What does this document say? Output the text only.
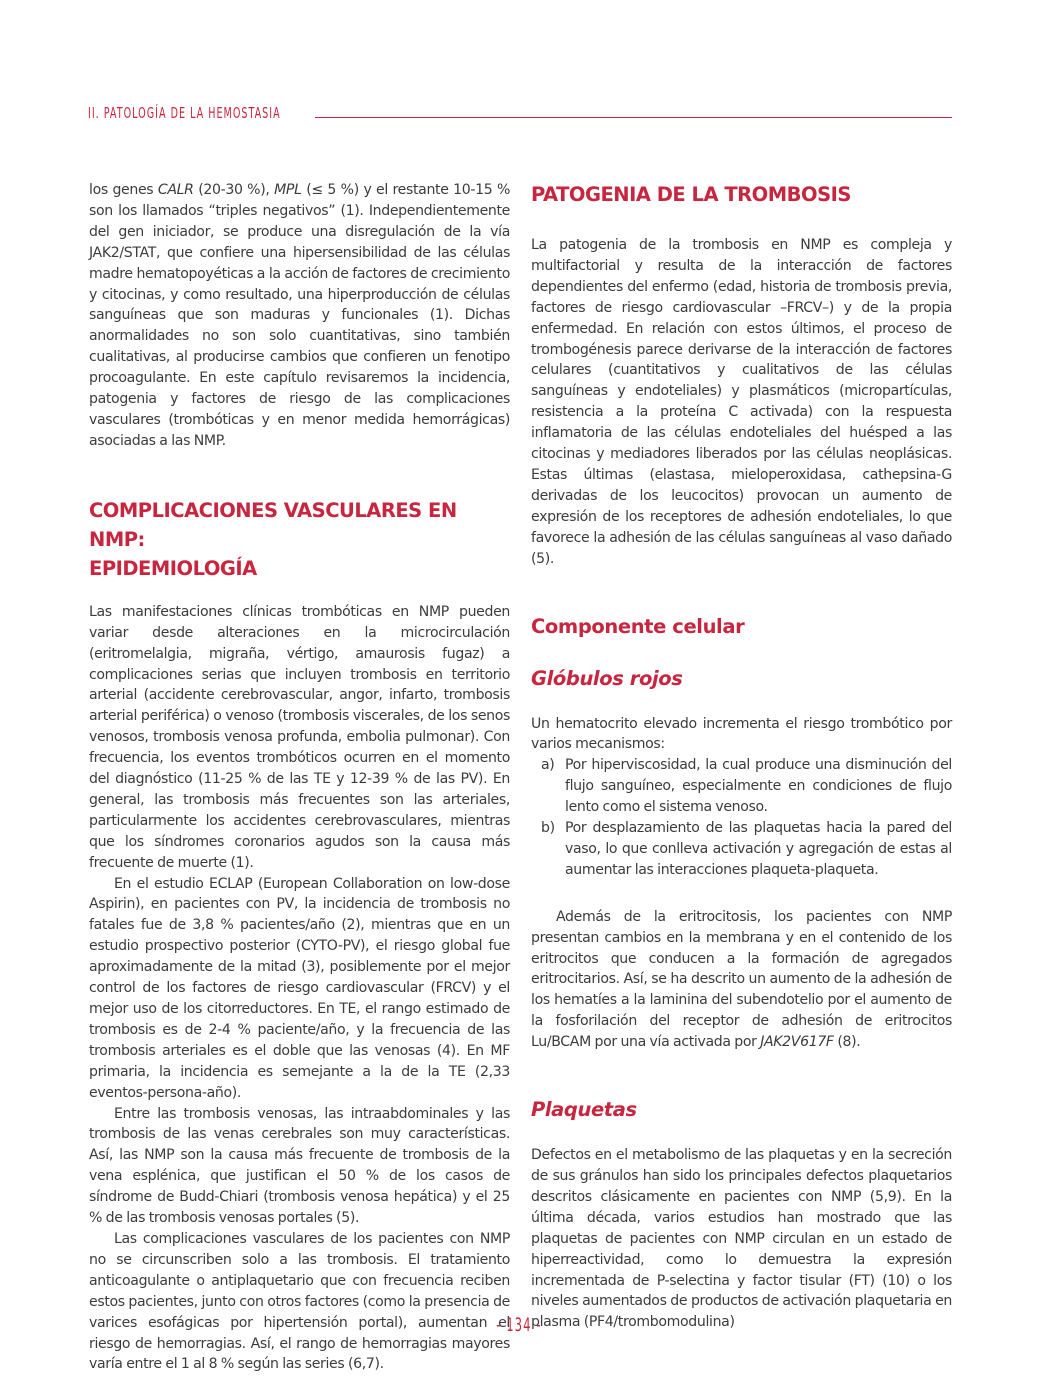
II. PATOLOGÍA DE LA HEMOSTASIA

los genes CALR (20-30 %), MPL (≤ 5 %) y el restante 10-15 % son los llamados “triples negativos” (1). Independientemente del gen iniciador, se produce una disregulación de la vía JAK2/STAT, que confiere una hipersensibilidad de las células madre hematopoyéticas a la acción de factores de crecimiento y citocinas, y como resultado, una hiperproducción de células sanguíneas que son maduras y funcionales (1). Dichas anormalidades no son solo cuantitativas, sino también cualitativas, al producirse cambios que confieren un fenotipo procoagulante. En este capítulo revisaremos la incidencia, patogenia y factores de riesgo de las complicaciones vasculares (trombóticas y en menor medida hemorrágicas) asociadas a las NMP.

COMPLICACIONES VASCULARES EN NMP:
EPIDEMIOLOGÍA

Las manifestaciones clínicas trombóticas en NMP pueden variar desde alteraciones en la microcirculación (eritromelalgia, migraña, vértigo, amaurosis fugaz) a complicaciones serias que incluyen trombosis en territorio arterial (accidente cerebrovascular, angor, infarto, trombosis arterial periférica) o venoso (trombosis viscerales, de los senos venosos, trombosis venosa profunda, embolia pulmonar). Con frecuencia, los eventos trombóticos ocurren en el momento del diagnóstico (11-25 % de las TE y 12-39 % de las PV). En general, las trombosis más frecuentes son las arteriales, particularmente los accidentes cerebrovasculares, mientras que los síndromes coronarios agudos son la causa más frecuente de muerte (1).

En el estudio ECLAP (European Collaboration on low-dose Aspirin), en pacientes con PV, la incidencia de trombosis no fatales fue de 3,8 % pacientes/año (2), mientras que en un estudio prospectivo posterior (CYTO-PV), el riesgo global fue aproximadamente de la mitad (3), posiblemente por el mejor control de los factores de riesgo cardiovascular (FRCV) y el mejor uso de los citorreductores. En TE, el rango estimado de trombosis es de 2-4 % paciente/año, y la frecuencia de las trombosis arteriales es el doble que las venosas (4). En MF primaria, la incidencia es semejante a la de la TE (2,33 eventos-persona-año).

Entre las trombosis venosas, las intraabdominales y las trombosis de las venas cerebrales son muy características. Así, las NMP son la causa más frecuente de trombosis de la vena esplénica, que justifican el 50 % de los casos de síndrome de Budd-Chiari (trombosis venosa hepática) y el 25 % de las trombosis venosas portales (5).

Las complicaciones vasculares de los pacientes con NMP no se circunscriben solo a las trombosis. El tratamiento anticoagulante o antiplaquetario que con frecuencia reciben estos pacientes, junto con otros factores (como la presencia de varices esofágicas por hipertensión portal), aumentan el riesgo de hemorragias. Así, el rango de hemorragias mayores varía entre el 1 al 8 % según las series (6,7).

PATOGENIA DE LA TROMBOSIS

La patogenia de la trombosis en NMP es compleja y multifactorial y resulta de la interacción de factores dependientes del enfermo (edad, historia de trombosis previa, factores de riesgo cardiovascular –FRCV–) y de la propia enfermedad. En relación con estos últimos, el proceso de trombogénesis parece derivarse de la interacción de factores celulares (cuantitativos y cualitativos de las células sanguíneas y endoteliales) y plasmáticos (micropartículas, resistencia a la proteína C activada) con la respuesta inflamatoria de las células endoteliales del huésped a las citocinas y mediadores liberados por las células neoplásicas. Estas últimas (elastasa, mieloperoxidasa, cathepsina-G derivadas de los leucocitos) provocan un aumento de expresión de los receptores de adhesión endoteliales, lo que favorece la adhesión de las células sanguíneas al vaso dañado (5).

Componente celular
Glóbulos rojos

Un hematocrito elevado incrementa el riesgo trombótico por varios mecanismos:

a) Por hiperviscosidad, la cual produce una disminución del flujo sanguíneo, especialmente en condiciones de flujo lento como el sistema venoso.
b) Por desplazamiento de las plaquetas hacia la pared del vaso, lo que conlleva activación y agregación de estas al aumentar las interacciones plaqueta-plaqueta.

Además de la eritrocitosis, los pacientes con NMP presentan cambios en la membrana y en el contenido de los eritrocitos que conducen a la formación de agregados eritrocitarios. Así, se ha descrito un aumento de la adhesión de los hematíes a la laminina del subendotelio por el aumento de la fosforilación del receptor de adhesión de eritrocitos Lu/BCAM por una vía activada por JAK2V617F (8).

Plaquetas

Defectos en el metabolismo de las plaquetas y en la secreción de sus gránulos han sido los principales defectos plaquetarios descritos clásicamente en pacientes con NMP (5,9). En la última década, varios estudios han mostrado que las plaquetas de pacientes con NMP circulan en un estado de hiperreactividad, como lo demuestra la expresión incrementada de P-selectina y factor tisular (FT) (10) o los niveles aumentados de productos de activación plaquetaria en plasma (PF4/trombomodulina)

- 134 -
